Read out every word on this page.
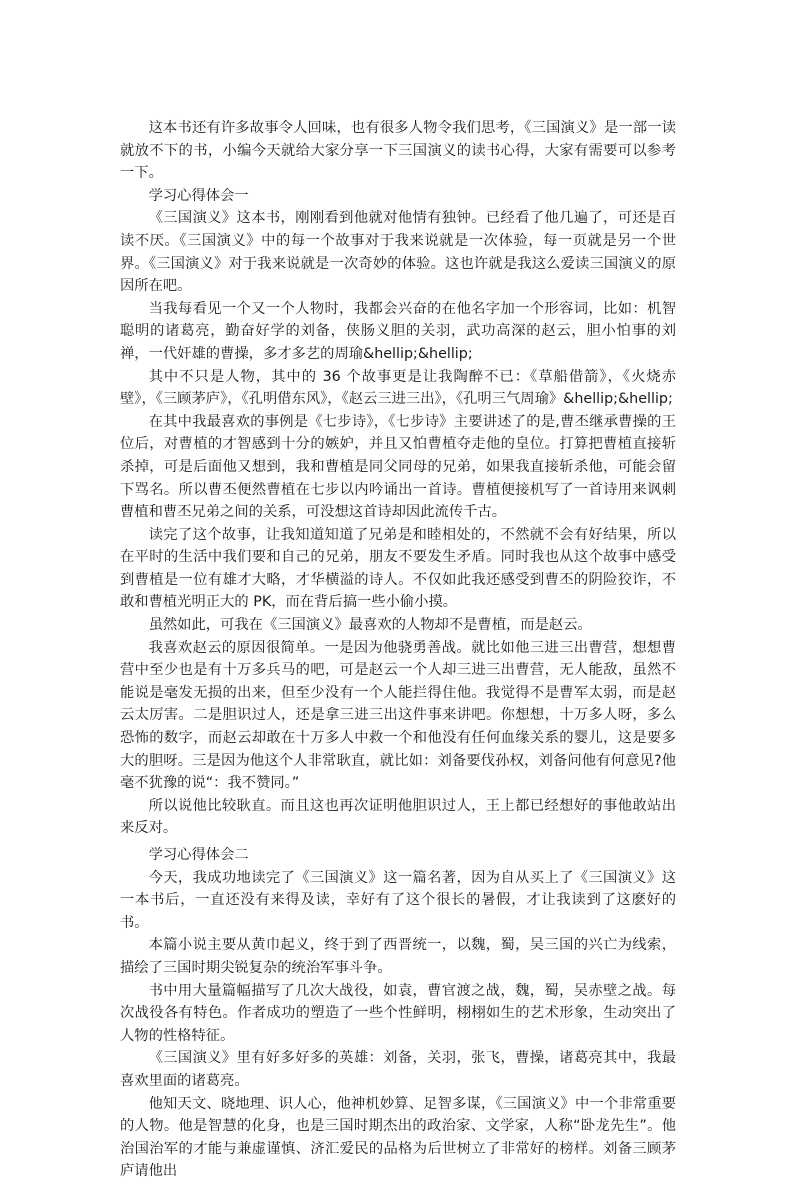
这本书还有许多故事令人回味，也有很多人物令我们思考，《三国演义》是一部一读就放不下的书，小编今天就给大家分享一下三国演义的读书心得，大家有需要可以参考一下。

学习心得体会一

《三国演义》这本书，刚刚看到他就对他情有独钟。已经看了他几遍了，可还是百读不厌。《三国演义》中的每一个故事对于我来说就是一次体验，每一页就是另一个世界。《三国演义》对于我来说就是一次奇妙的体验。这也许就是我这么爱读三国演义的原因所在吧。

当我每看见一个又一个人物时，我都会兴奋的在他名字加一个形容词，比如：机智聪明的诸葛亮，勤奋好学的刘备，侠肠义胆的关羽，武功高深的赵云，胆小怕事的刘禅，一代奸雄的曹操，多才多艺的周瑜&hellip;&hellip;

其中不只是人物，其中的 36 个故事更是让我陶醉不已：《草船借箭》，《火烧赤壁》，《三顾茅庐》，《孔明借东风》，《赵云三进三出》，《孔明三气周瑜》&hellip;&hellip;

在其中我最喜欢的事例是《七步诗》，《七步诗》主要讲述了的是,曹丕继承曹操的王位后，对曹植的才智感到十分的嫉妒，并且又怕曹植夺走他的皇位。打算把曹植直接斩杀掉，可是后面他又想到，我和曹植是同父同母的兄弟，如果我直接斩杀他，可能会留下骂名。所以曹丕便然曹植在七步以内吟诵出一首诗。曹植便接机写了一首诗用来讽刺曹植和曹丕兄弟之间的关系，可没想这首诗却因此流传千古。

读完了这个故事，让我知道知道了兄弟是和睦相处的，不然就不会有好结果，所以在平时的生活中我们要和自己的兄弟，朋友不要发生矛盾。同时我也从这个故事中感受到曹植是一位有雄才大略，才华横溢的诗人。不仅如此我还感受到曹丕的阴险狡诈，不敢和曹植光明正大的 PK，而在背后搞一些小偷小摸。

虽然如此，可我在《三国演义》最喜欢的人物却不是曹植，而是赵云。

我喜欢赵云的原因很简单。一是因为他骁勇善战。就比如他三进三出曹营，想想曹营中至少也是有十万多兵马的吧，可是赵云一个人却三进三出曹营，无人能敌，虽然不能说是毫发无损的出来，但至少没有一个人能拦得住他。我觉得不是曹军太弱，而是赵云太厉害。二是胆识过人，还是拿三进三出这件事来讲吧。你想想，十万多人呀，多么恐怖的数字，而赵云却敢在十万多人中救一个和他没有任何血缘关系的婴儿，这是要多大的胆呀。三是因为他这个人非常耿直，就比如：刘备要伐孙权，刘备问他有何意见?他毫不犹豫的说“：我不赞同。”

所以说他比较耿直。而且这也再次证明他胆识过人，王上都已经想好的事他敢站出来反对。

学习心得体会二

今天，我成功地读完了《三国演义》这一篇名著，因为自从买上了《三国演义》这一本书后，一直还没有来得及读，幸好有了这个很长的暑假，才让我读到了这麽好的书。

本篇小说主要从黄巾起义，终于到了西晋统一，以魏，蜀，吴三国的兴亡为线索，描绘了三国时期尖锐复杂的统治军事斗争。

书中用大量篇幅描写了几次大战役，如袁，曹官渡之战，魏，蜀，吴赤壁之战。每次战役各有特色。作者成功的塑造了一些个性鲜明，栩栩如生的艺术形象，生动突出了人物的性格特征。

《三国演义》里有好多好多的英雄：刘备，关羽，张飞，曹操，诸葛亮其中，我最喜欢里面的诸葛亮。

他知天文、晓地理、识人心，他神机妙算、足智多谋，《三国演义》中一个非常重要的人物。他是智慧的化身，也是三国时期杰出的政治家、文学家，人称“卧龙先生”。他治国治军的才能与兼虚谨慎、济汇爱民的品格为后世树立了非常好的榜样。刘备三顾茅庐请他出
